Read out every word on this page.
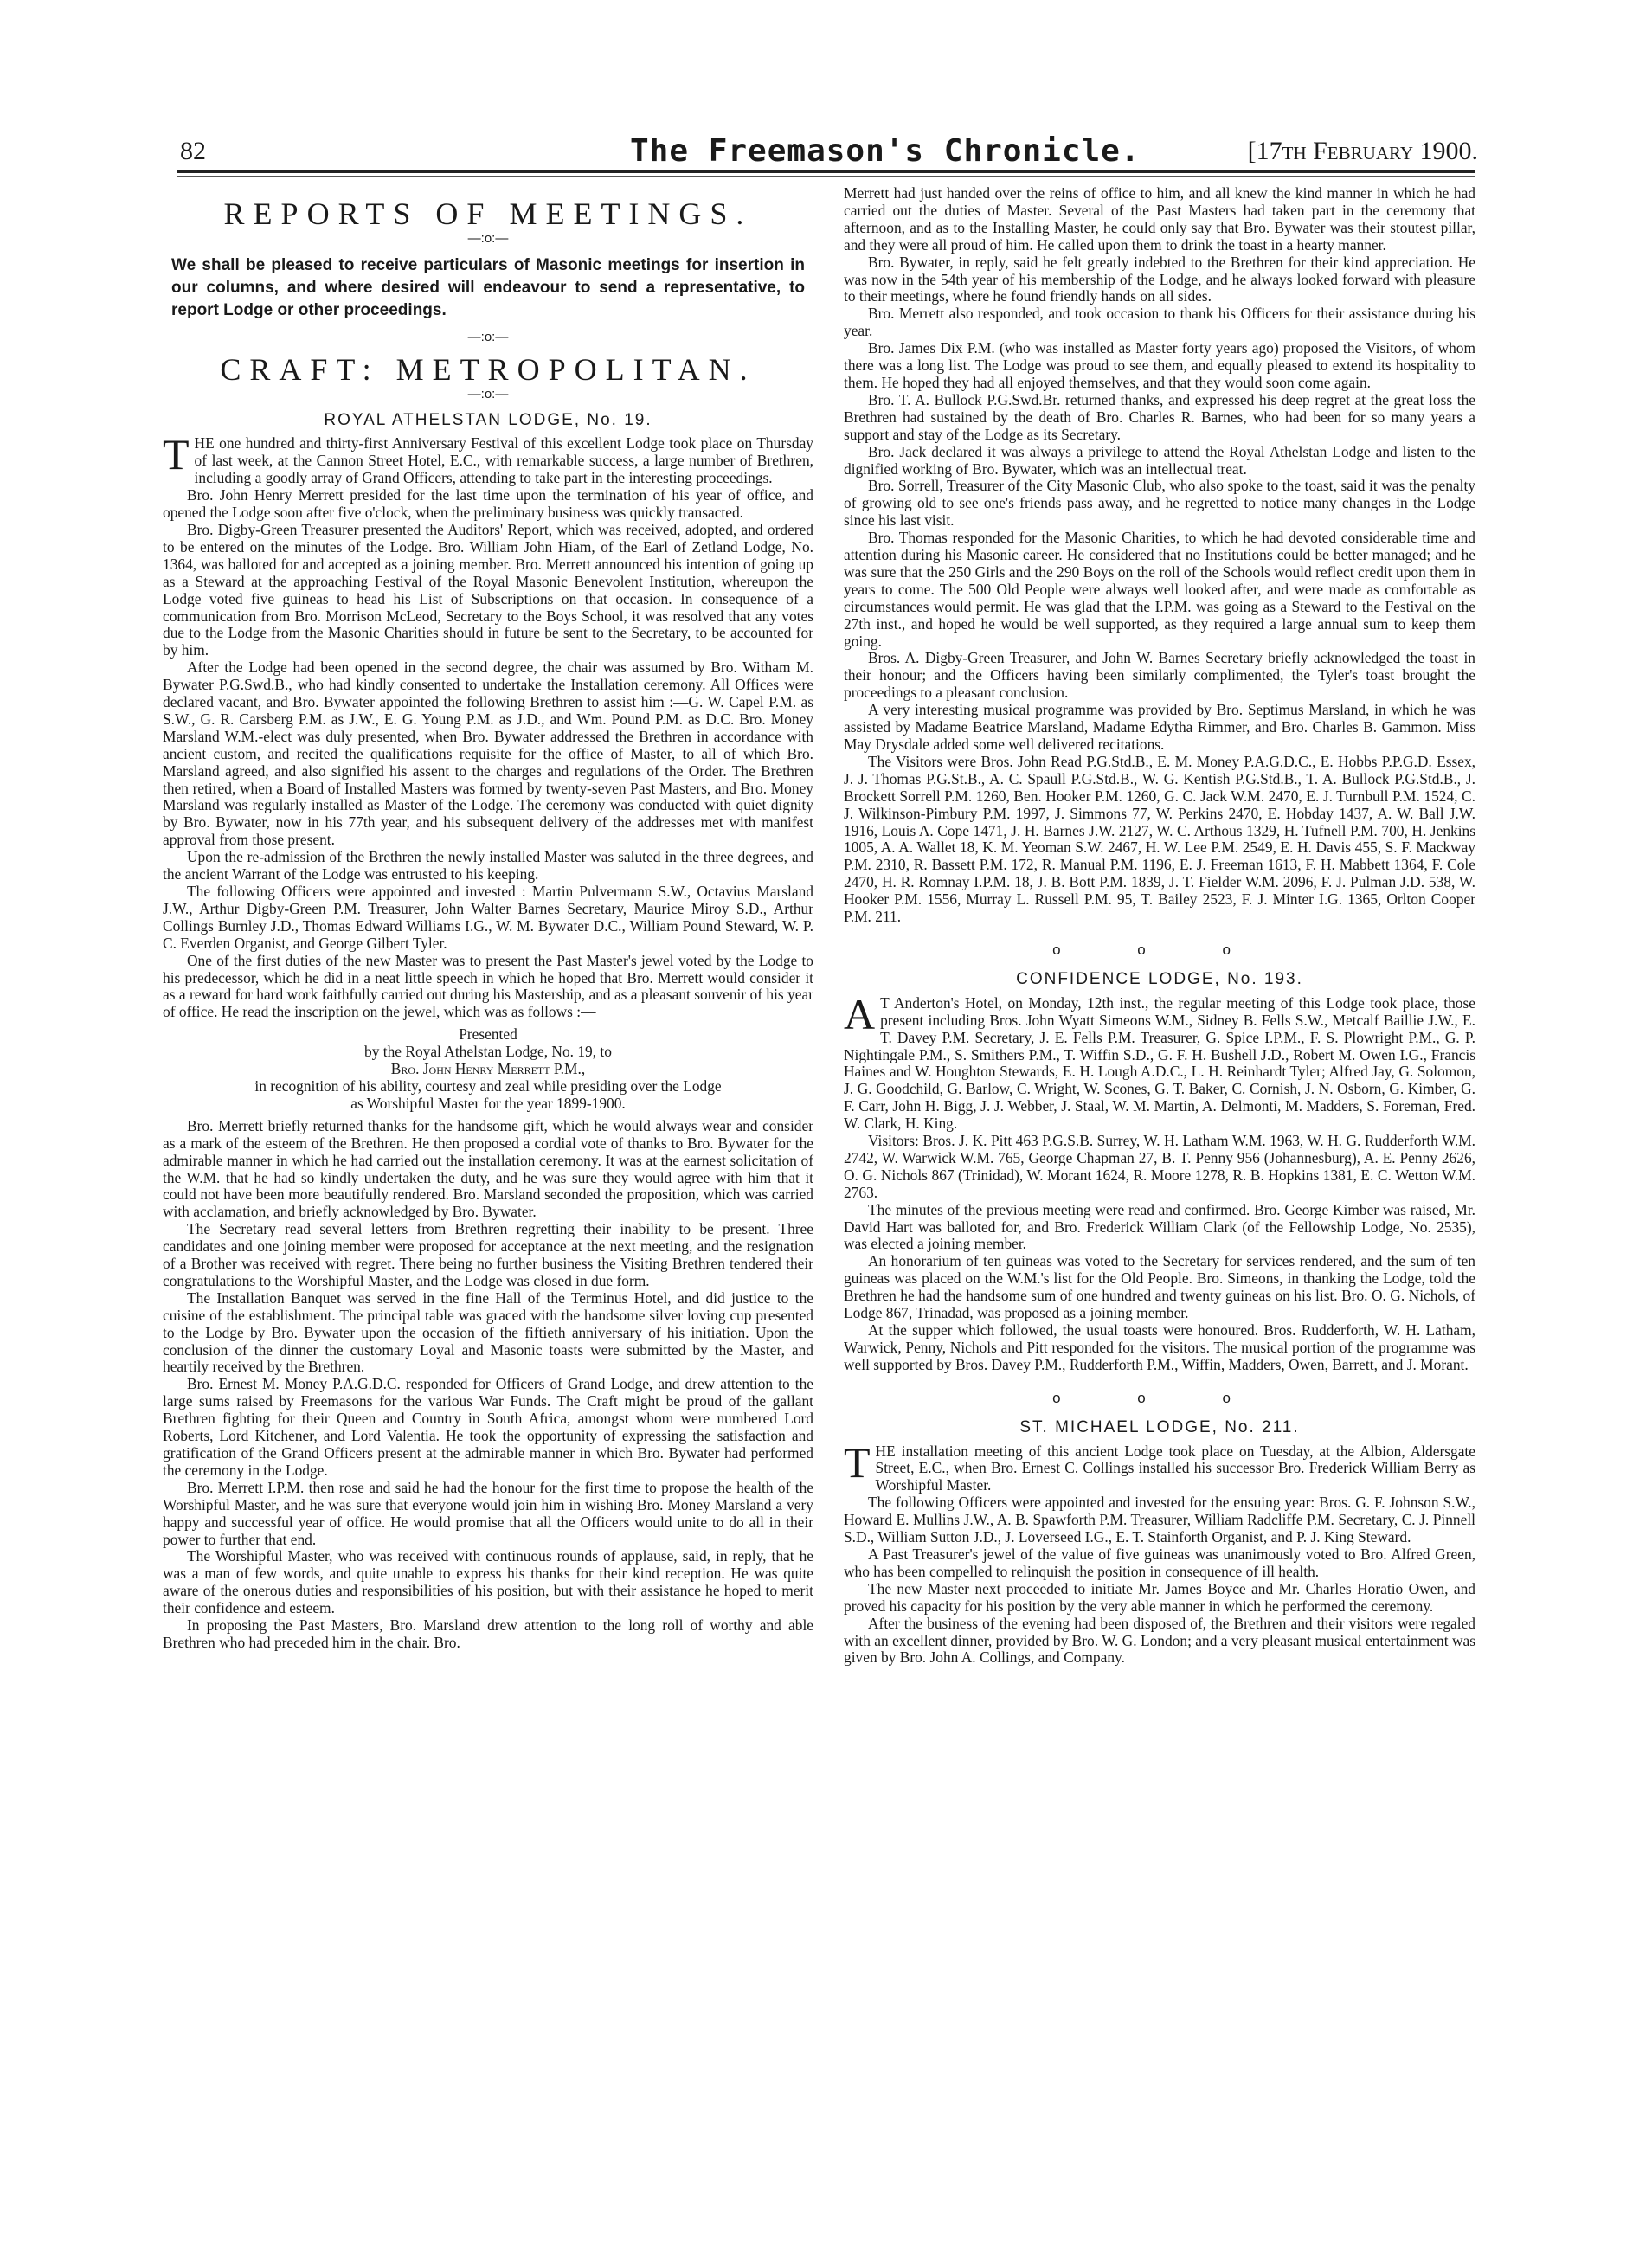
82	The Freemason's Chronicle.	[17th February 1900.
REPORTS OF MEETINGS.
—:o:—
We shall be pleased to receive particulars of Masonic meetings for insertion in our columns, and where desired will endeavour to send a representative, to report Lodge or other proceedings.
—:o:—
CRAFT: METROPOLITAN.
—:o:—
ROYAL ATHELSTAN LODGE, No. 19.

THE one hundred and thirty-first Anniversary Festival of this excellent Lodge took place on Thursday of last week, at the Cannon Street Hotel, E.C., with remarkable success, a large number of Brethren, including a goodly array of Grand Officers, attending to take part in the interesting proceedings.

Bro. John Henry Merrett presided for the last time upon the termination of his year of office, and opened the Lodge soon after five o'clock, when the preliminary business was quickly transacted.

Bro. Digby-Green Treasurer presented the Auditors' Report, which was received, adopted, and ordered to be entered on the minutes of the Lodge. Bro. William John Hiam, of the Earl of Zetland Lodge, No. 1364, was balloted for and accepted as a joining member. Bro. Merrett announced his intention of going up as a Steward at the approaching Festival of the Royal Masonic Benevolent Institution, whereupon the Lodge voted five guineas to head his List of Subscriptions on that occasion. In consequence of a communication from Bro. Morrison McLeod, Secretary to the Boys School, it was resolved that any votes due to the Lodge from the Masonic Charities should in future be sent to the Secretary, to be accounted for by him.

After the Lodge had been opened in the second degree, the chair was assumed by Bro. Witham M. Bywater P.G.Swd.B., who had kindly consented to undertake the Installation ceremony. All Offices were declared vacant, and Bro. Bywater appointed the following Brethren to assist him :—G. W. Capel P.M. as S.W., G. R. Carsberg P.M. as J.W., E. G. Young P.M. as J.D., and Wm. Pound P.M. as D.C. Bro. Money Marsland W.M.-elect was duly presented, when Bro. Bywater addressed the Brethren in accordance with ancient custom, and recited the qualifications requisite for the office of Master, to all of which Bro. Marsland agreed, and also signified his assent to the charges and regulations of the Order. The Brethren then retired, when a Board of Installed Masters was formed by twenty-seven Past Masters, and Bro. Money Marsland was regularly installed as Master of the Lodge. The ceremony was conducted with quiet dignity by Bro. Bywater, now in his 77th year, and his subsequent delivery of the addresses met with manifest approval from those present.

Upon the re-admission of the Brethren the newly installed Master was saluted in the three degrees, and the ancient Warrant of the Lodge was entrusted to his keeping.

The following Officers were appointed and invested : Martin Pulvermann S.W., Octavius Marsland J.W., Arthur Digby-Green P.M. Treasurer, John Walter Barnes Secretary, Maurice Miroy S.D., Arthur Collings Burnley J.D., Thomas Edward Williams I.G., W. M. Bywater D.C., William Pound Steward, W. P. C. Everden Organist, and George Gilbert Tyler.

One of the first duties of the new Master was to present the Past Master's jewel voted by the Lodge to his predecessor, which he did in a neat little speech in which he hoped that Bro. Merrett would consider it as a reward for hard work faithfully carried out during his Mastership, and as a pleasant souvenir of his year of office. He read the inscription on the jewel, which was as follows :—

Presented
by the Royal Athelstan Lodge, No. 19, to
Bro. John Henry Merrett P.M.,
in recognition of his ability, courtesy and zeal while presiding over the Lodge
as Worshipful Master for the year 1899-1900.

Bro. Merrett briefly returned thanks for the handsome gift, which he would always wear and consider as a mark of the esteem of the Brethren. He then proposed a cordial vote of thanks to Bro. Bywater for the admirable manner in which he had carried out the installation ceremony. It was at the earnest solicitation of the W.M. that he had so kindly undertaken the duty, and he was sure they would agree with him that it could not have been more beautifully rendered. Bro. Marsland seconded the proposition, which was carried with acclamation, and briefly acknowledged by Bro. Bywater.

The Secretary read several letters from Brethren regretting their inability to be present. Three candidates and one joining member were proposed for acceptance at the next meeting, and the resignation of a Brother was received with regret. There being no further business the Visiting Brethren tendered their congratulations to the Worshipful Master, and the Lodge was closed in due form.

The Installation Banquet was served in the fine Hall of the Terminus Hotel, and did justice to the cuisine of the establishment. The principal table was graced with the handsome silver loving cup presented to the Lodge by Bro. Bywater upon the occasion of the fiftieth anniversary of his initiation. Upon the conclusion of the dinner the customary Loyal and Masonic toasts were submitted by the Master, and heartily received by the Brethren.

Bro. Ernest M. Money P.A.G.D.C. responded for Officers of Grand Lodge, and drew attention to the large sums raised by Freemasons for the various War Funds. The Craft might be proud of the gallant Brethren fighting for their Queen and Country in South Africa, amongst whom were numbered Lord Roberts, Lord Kitchener, and Lord Valentia. He took the opportunity of expressing the satisfaction and gratification of the Grand Officers present at the admirable manner in which Bro. Bywater had performed the ceremony in the Lodge.

Bro. Merrett I.P.M. then rose and said he had the honour for the first time to propose the health of the Worshipful Master, and he was sure that everyone would join him in wishing Bro. Money Marsland a very happy and successful year of office. He would promise that all the Officers would unite to do all in their power to further that end.

The Worshipful Master, who was received with continuous rounds of applause, said, in reply, that he was a man of few words, and quite unable to express his thanks for their kind reception. He was quite aware of the onerous duties and responsibilities of his position, but with their assistance he hoped to merit their confidence and esteem.

In proposing the Past Masters, Bro. Marsland drew attention to the long roll of worthy and able Brethren who had preceded him in the chair. Bro.

Merrett had just handed over the reins of office to him, and all knew the kind manner in which he had carried out the duties of Master. Several of the Past Masters had taken part in the ceremony that afternoon, and as to the Installing Master, he could only say that Bro. Bywater was their stoutest pillar, and they were all proud of him. He called upon them to drink the toast in a hearty manner.

Bro. Bywater, in reply, said he felt greatly indebted to the Brethren for their kind appreciation. He was now in the 54th year of his membership of the Lodge, and he always looked forward with pleasure to their meetings, where he found friendly hands on all sides.

Bro. Merrett also responded, and took occasion to thank his Officers for their assistance during his year.

Bro. James Dix P.M. (who was installed as Master forty years ago) proposed the Visitors, of whom there was a long list. The Lodge was proud to see them, and equally pleased to extend its hospitality to them. He hoped they had all enjoyed themselves, and that they would soon come again.

Bro. T. A. Bullock P.G.Swd.Br. returned thanks, and expressed his deep regret at the great loss the Brethren had sustained by the death of Bro. Charles R. Barnes, who had been for so many years a support and stay of the Lodge as its Secretary.

Bro. Jack declared it was always a privilege to attend the Royal Athelstan Lodge and listen to the dignified working of Bro. Bywater, which was an intellectual treat.

Bro. Sorrell, Treasurer of the City Masonic Club, who also spoke to the toast, said it was the penalty of growing old to see one's friends pass away, and he regretted to notice many changes in the Lodge since his last visit.

Bro. Thomas responded for the Masonic Charities, to which he had devoted considerable time and attention during his Masonic career. He considered that no Institutions could be better managed; and he was sure that the 250 Girls and the 290 Boys on the roll of the Schools would reflect credit upon them in years to come. The 500 Old People were always well looked after, and were made as comfortable as circumstances would permit. He was glad that the I.P.M. was going as a Steward to the Festival on the 27th inst., and hoped he would be well supported, as they required a large annual sum to keep them going.

Bros. A. Digby-Green Treasurer, and John W. Barnes Secretary briefly acknowledged the toast in their honour; and the Officers having been similarly complimented, the Tyler's toast brought the proceedings to a pleasant conclusion.

A very interesting musical programme was provided by Bro. Septimus Marsland, in which he was assisted by Madame Beatrice Marsland, Madame Edytha Rimmer, and Bro. Charles B. Gammon. Miss May Drysdale added some well delivered recitations.

The Visitors were Bros. John Read P.G.Std.B., E. M. Money P.A.G.D.C., E. Hobbs P.P.G.D. Essex, J. J. Thomas P.G.St.B., A. C. Spaull P.G.Std.B., W. G. Kentish P.G.Std.B., T. A. Bullock P.G.Std.B., J. Brockett Sorrell P.M. 1260, Ben. Hooker P.M. 1260, G. C. Jack W.M. 2470, E. J. Turnbull P.M. 1524, C. J. Wilkinson-Pimbury P.M. 1997, J. Simmons 77, W. Perkins 2470, E. Hobday 1437, A. W. Ball J.W. 1916, Louis A. Cope 1471, J. H. Barnes J.W. 2127, W. C. Arthous 1329, H. Tufnell P.M. 700, H. Jenkins 1005, A. A. Wallet 18, K. M. Yeoman S.W. 2467, H. W. Lee P.M. 2549, E. H. Davis 455, S. F. Mackway P.M. 2310, R. Bassett P.M. 172, R. Manual P.M. 1196, E. J. Freeman 1613, F. H. Mabbett 1364, F. Cole 2470, H. R. Romnay I.P.M. 18, J. B. Bott P.M. 1839, J. T. Fielder W.M. 2096, F. J. Pulman J.D. 538, W. Hooker P.M. 1556, Murray L. Russell P.M. 95, T. Bailey 2523, F. J. Minter I.G. 1365, Orlton Cooper P.M. 211.

o o o
CONFIDENCE LODGE, No. 193.

A T Anderton's Hotel, on Monday, 12th inst., the regular meeting of this Lodge took place, those present including Bros. John Wyatt Simeons W.M., Sidney B. Fells S.W., Metcalf Baillie J.W., E. T. Davey P.M. Secretary, J. E. Fells P.M. Treasurer, G. Spice I.P.M., F. S. Plowright P.M., G. P. Nightingale P.M., S. Smithers P.M., T. Wiffin S.D., G. F. H. Bushell J.D., Robert M. Owen I.G., Francis Haines and W. Houghton Stewards, E. H. Lough A.D.C., L. H. Reinhardt Tyler; Alfred Jay, G. Solomon, J. G. Goodchild, G. Barlow, C. Wright, W. Scones, G. T. Baker, C. Cornish, J. N. Osborn, G. Kimber, G. F. Carr, John H. Bigg, J. J. Webber, J. Staal, W. M. Martin, A. Delmonti, M. Madders, S. Foreman, Fred. W. Clark, H. King.

Visitors: Bros. J. K. Pitt 463 P.G.S.B. Surrey, W. H. Latham W.M. 1963, W. H. G. Rudderforth W.M. 2742, W. Warwick W.M. 765, George Chapman 27, B. T. Penny 956 (Johannesburg), A. E. Penny 2626, O. G. Nichols 867 (Trinidad), W. Morant 1624, R. Moore 1278, R. B. Hopkins 1381, E. C. Wetton W.M. 2763.

The minutes of the previous meeting were read and confirmed. Bro. George Kimber was raised, Mr. David Hart was balloted for, and Bro. Frederick William Clark (of the Fellowship Lodge, No. 2535), was elected a joining member.

An honorarium of ten guineas was voted to the Secretary for services rendered, and the sum of ten guineas was placed on the W.M.'s list for the Old People. Bro. Simeons, in thanking the Lodge, told the Brethren he had the handsome sum of one hundred and twenty guineas on his list. Bro. O. G. Nichols, of Lodge 867, Trinadad, was proposed as a joining member.

At the supper which followed, the usual toasts were honoured. Bros. Rudderforth, W. H. Latham, Warwick, Penny, Nichols and Pitt responded for the visitors. The musical portion of the programme was well supported by Bros. Davey P.M., Rudderforth P.M., Wiffin, Madders, Owen, Barrett, and J. Morant.

o o o
ST. MICHAEL LODGE, No. 211.

THE installation meeting of this ancient Lodge took place on Tuesday, at the Albion, Aldersgate Street, E.C., when Bro. Ernest C. Collings installed his successor Bro. Frederick William Berry as Worshipful Master.

The following Officers were appointed and invested for the ensuing year: Bros. G. F. Johnson S.W., Howard E. Mullins J.W., A. B. Spawforth P.M. Treasurer, William Radcliffe P.M. Secretary, C. J. Pinnell S.D., William Sutton J.D., J. Loverseed I.G., E. T. Stainforth Organist, and P. J. King Steward.

A Past Treasurer's jewel of the value of five guineas was unanimously voted to Bro. Alfred Green, who has been compelled to relinquish the position in consequence of ill health.

The new Master next proceeded to initiate Mr. James Boyce and Mr. Charles Horatio Owen, and proved his capacity for his position by the very able manner in which he performed the ceremony.

After the business of the evening had been disposed of, the Brethren and their visitors were regaled with an excellent dinner, provided by Bro. W. G. London; and a very pleasant musical entertainment was given by Bro. John A. Collings, and Company.
